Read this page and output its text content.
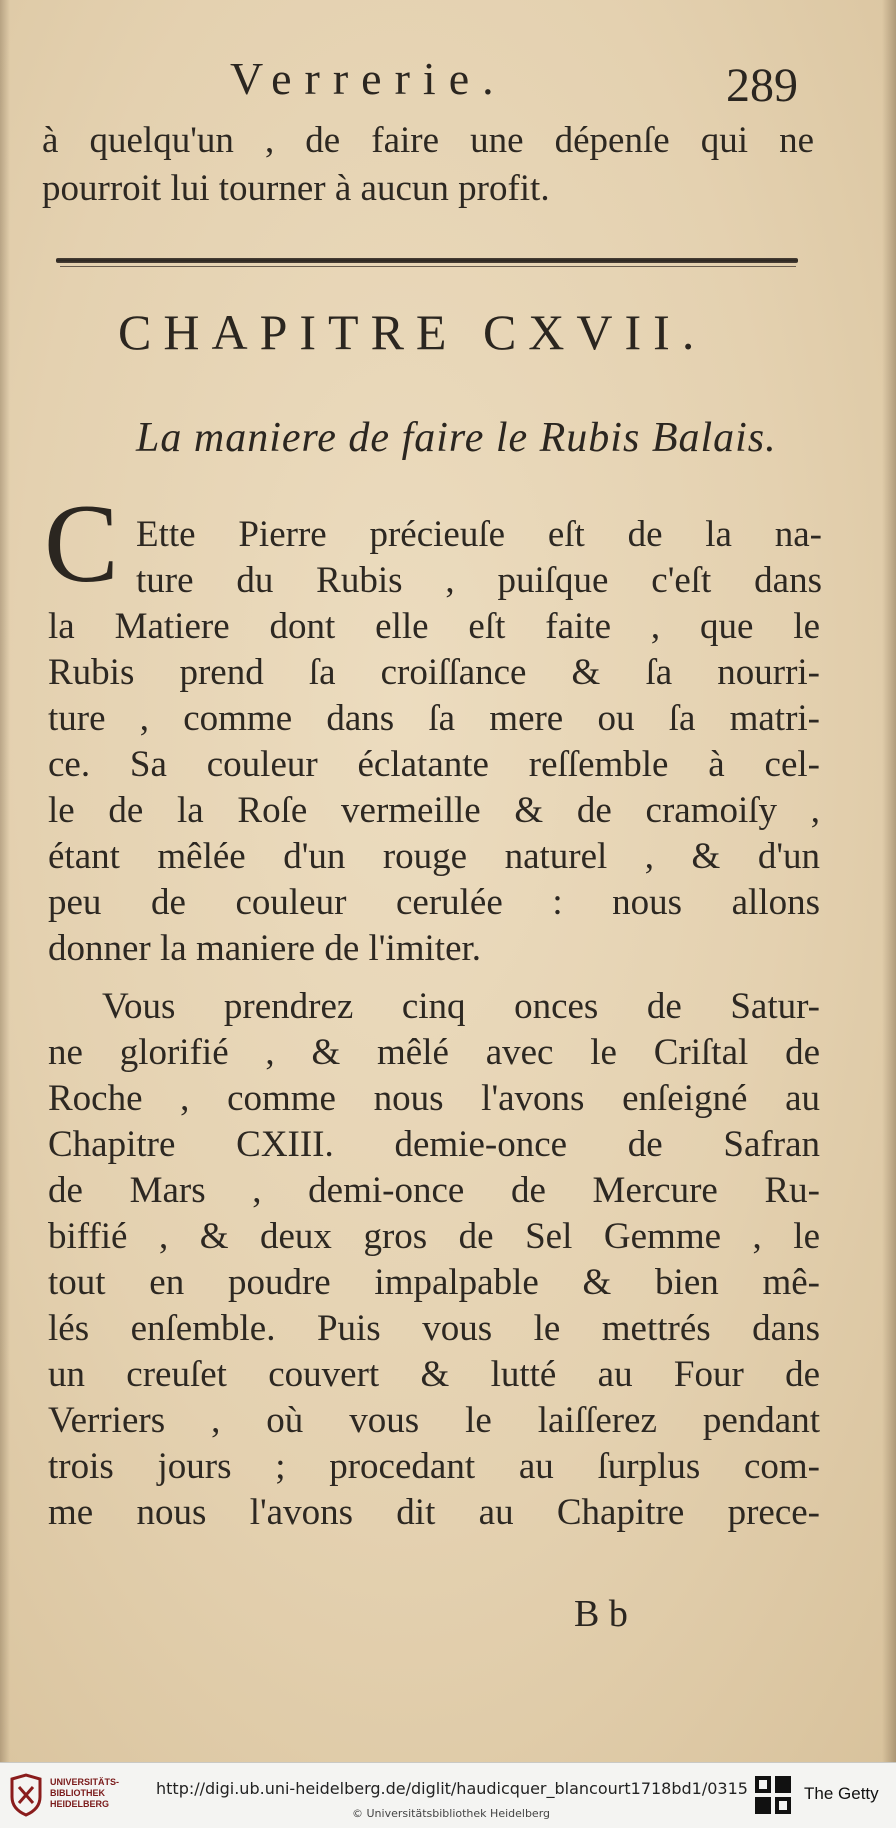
Verrerie.	289
à quelqu'un , de faire une dépenſe qui ne
pourroit lui tourner à aucun profit.
CHAPITRE CXVII.
La maniere de faire le Rubis Balais.
C Ette Pierre précieuſe eſt de la na-
ture du Rubis , puiſque c'eſt dans
la Matiere dont elle eſt faite , que le
Rubis prend ſa croiſſance & ſa nourri-
ture , comme dans ſa mere ou ſa matri-
ce. Sa couleur éclatante reſſemble à cel-
le de la Roſe vermeille & de cramoiſy ,
étant mêlée d'un rouge naturel , & d'un
peu de couleur cerulée : nous allons
donner la maniere de l'imiter.
Vous prendrez cinq onces de Satur-
ne glorifié , & mêlé avec le Criſtal de
Roche , comme nous l'avons enſeigné au
Chapitre CXIII. demie-once de Safran
de Mars , demi-once de Mercure Ru-
biffié , & deux gros de Sel Gemme , le
tout en poudre impalpable & bien mê-
lés enſemble. Puis vous le mettrés dans
un creuſet couvert & lutté au Four de
Verriers , où vous le laiſſerez pendant
trois jours ; procedant au ſurplus com-
me nous l'avons dit au Chapitre prece-
B b
UNIVERSITÄTS-
BIBLIOTHEK
HEIDELBERG
http://digi.ub.uni-heidelberg.de/diglit/haudicquer_blancourt1718bd1/0315
© Universitätsbibliothek Heidelberg
The Getty
